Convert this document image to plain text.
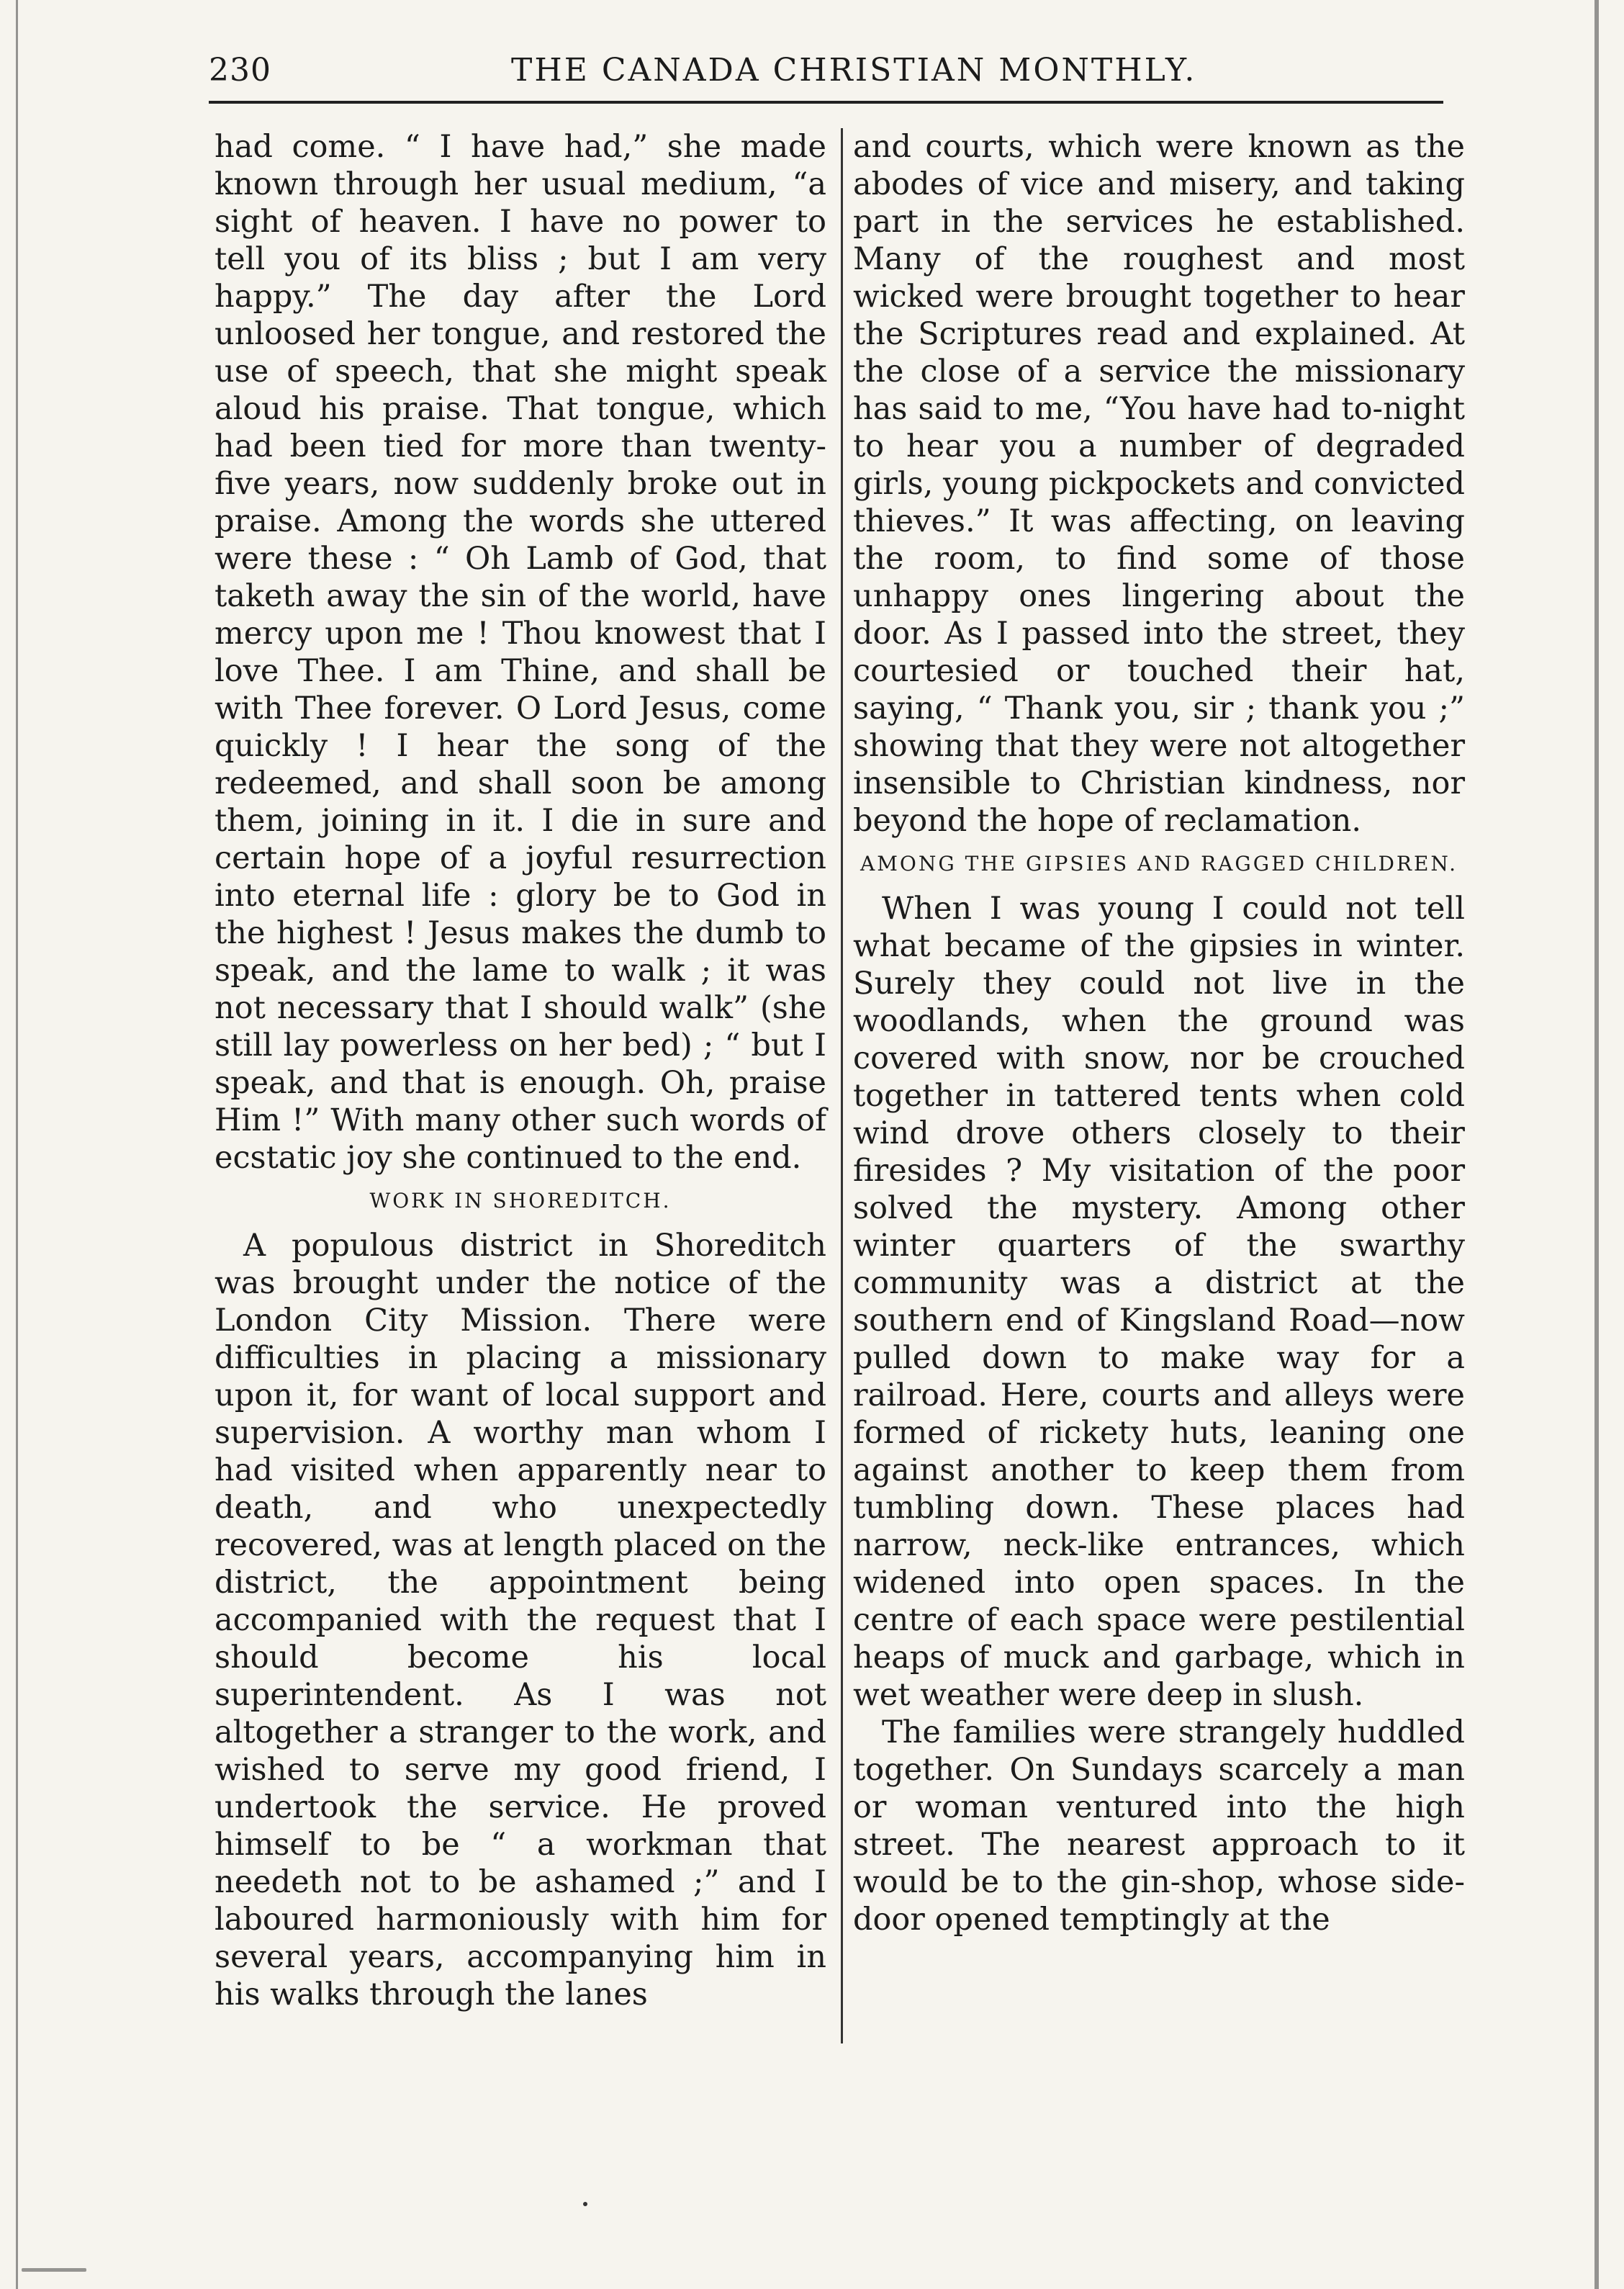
230	THE CANADA CHRISTIAN MONTHLY.

had come. “ I have had,” she made known through her usual medium, “a sight of heaven. I have no power to tell you of its bliss ; but I am very happy.” The day after the Lord unloosed her tongue, and restored the use of speech, that she might speak aloud his praise. That tongue, which had been tied for more than twenty-five years, now suddenly broke out in praise. Among the words she uttered were these : “ Oh Lamb of God, that taketh away the sin of the world, have mercy upon me ! Thou knowest that I love Thee. I am Thine, and shall be with Thee forever. O Lord Jesus, come quickly ! I hear the song of the redeemed, and shall soon be among them, joining in it. I die in sure and certain hope of a joyful resurrection into eternal life : glory be to God in the highest ! Jesus makes the dumb to speak, and the lame to walk ; it was not necessary that I should walk” (she still lay powerless on her bed) ; “ but I speak, and that is enough. Oh, praise Him !” With many other such words of ecstatic joy she continued to the end.

WORK IN SHOREDITCH.

A populous district in Shoreditch was brought under the notice of the London City Mission. There were difficulties in placing a missionary upon it, for want of local support and supervision. A worthy man whom I had visited when apparently near to death, and who unexpectedly recovered, was at length placed on the district, the appointment being accompanied with the request that I should become his local superintendent. As I was not altogether a stranger to the work, and wished to serve my good friend, I undertook the service. He proved himself to be “ a workman that needeth not to be ashamed ;” and I laboured harmoniously with him for several years, accompanying him in his walks through the lanes

and courts, which were known as the abodes of vice and misery, and taking part in the services he established. Many of the roughest and most wicked were brought together to hear the Scriptures read and explained. At the close of a service the missionary has said to me, “You have had to-night to hear you a number of degraded girls, young pickpockets and convicted thieves.” It was affecting, on leaving the room, to find some of those unhappy ones lingering about the door. As I passed into the street, they courtesied or touched their hat, saying, “ Thank you, sir ; thank you ;” showing that they were not altogether insensible to Christian kindness, nor beyond the hope of reclamation.

AMONG THE GIPSIES AND RAGGED CHILDREN.

When I was young I could not tell what became of the gipsies in winter. Surely they could not live in the woodlands, when the ground was covered with snow, nor be crouched together in tattered tents when cold wind drove others closely to their firesides ? My visitation of the poor solved the mystery. Among other winter quarters of the swarthy community was a district at the southern end of Kingsland Road—now pulled down to make way for a railroad. Here, courts and alleys were formed of rickety huts, leaning one against another to keep them from tumbling down. These places had narrow, neck-like entrances, which widened into open spaces. In the centre of each space were pestilential heaps of muck and garbage, which in wet weather were deep in slush.

The families were strangely huddled together. On Sundays scarcely a man or woman ventured into the high street. The nearest approach to it would be to the gin-shop, whose side-door opened temptingly at the
